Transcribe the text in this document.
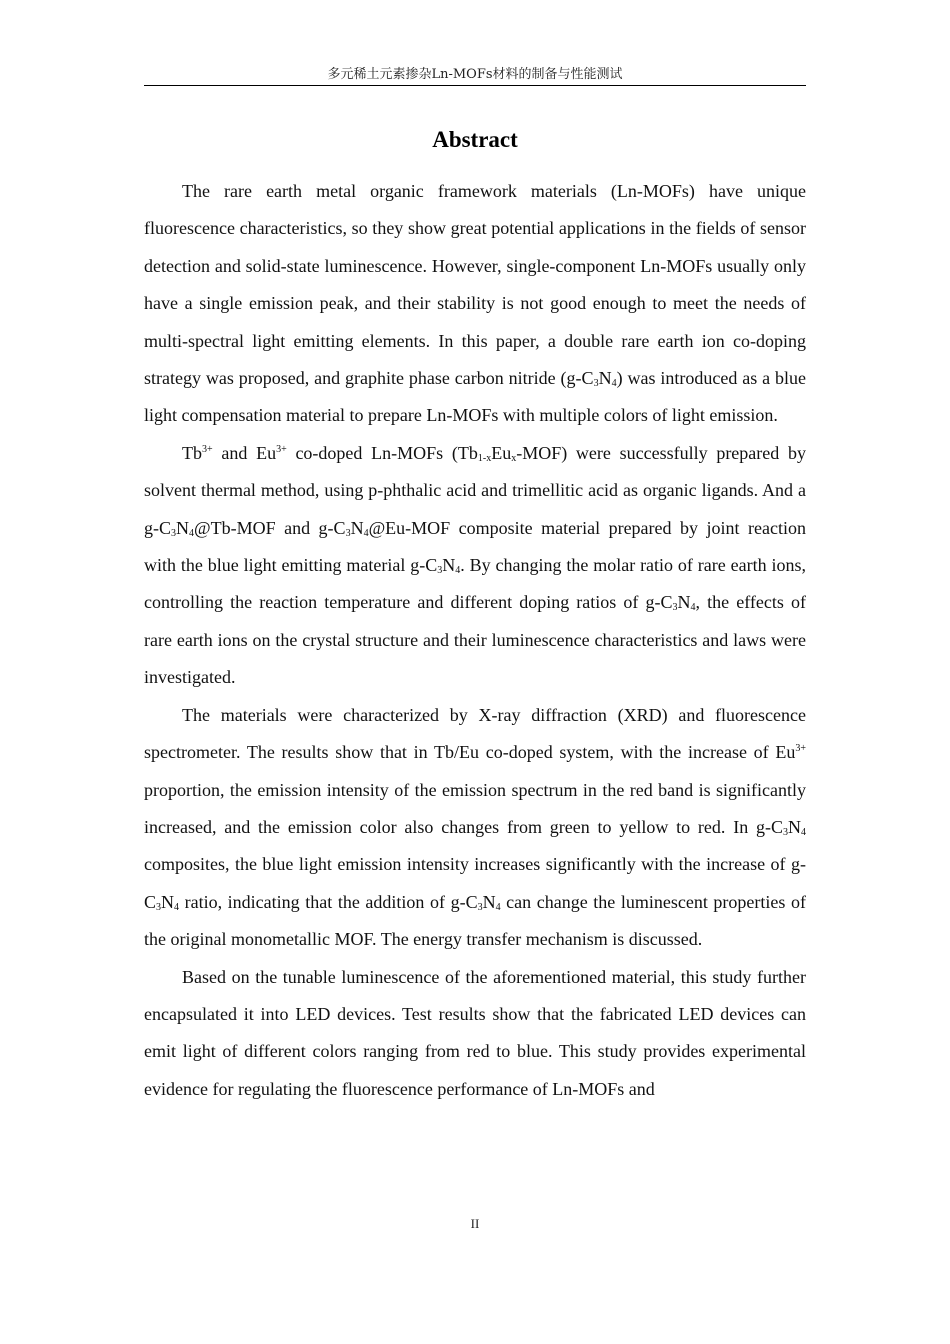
多元稀土元素掺杂Ln-MOFs材料的制备与性能测试
Abstract

The rare earth metal organic framework materials (Ln-MOFs) have unique fluorescence characteristics, so they show great potential applications in the fields of sensor detection and solid-state luminescence. However, single-component Ln-MOFs usually only have a single emission peak, and their stability is not good enough to meet the needs of multi-spectral light emitting elements. In this paper, a double rare earth ion co-doping strategy was proposed, and graphite phase carbon nitride $(g-C_3N_4)$ was introduced as a blue light compensation material to prepare Ln-MOFs with multiple colors of light emission.

$Tb^{3+}$ and $Eu^{3+}$ co-doped Ln-MOFs $(Tb_{1-x}Eu_x-MOF)$ were successfully prepared by solvent thermal method, using p-phthalic acid and trimellitic acid as organic ligands. And a $g-C_3N_4@Tb$-MOF and $g-C_3N_4@Eu$-MOF composite material prepared by joint reaction with the blue light emitting material $g-C_3N_4$. By changing the molar ratio of rare earth ions, controlling the reaction temperature and different doping ratios of $g-C_3N_4$, the effects of rare earth ions on the crystal structure and their luminescence characteristics and laws were investigated.

The materials were characterized by X-ray diffraction (XRD) and fluorescence spectrometer. The results show that in Tb/Eu co-doped system, with the increase of $Eu^{3+}$ proportion, the emission intensity of the emission spectrum in the red band is significantly increased, and the emission color also changes from green to yellow to red. In $g-C_3N_4$ composites, the blue light emission intensity increases significantly with the increase of $g-C_3N_4$ ratio, indicating that the addition of $g-C_3N_4$ can change the luminescent properties of the original monometallic MOF. The energy transfer mechanism is discussed.

Based on the tunable luminescence of the aforementioned material, this study further encapsulated it into LED devices. Test results show that the fabricated LED devices can emit light of different colors ranging from red to blue. This study provides experimental evidence for regulating the fluorescence performance of Ln-MOFs and

II
